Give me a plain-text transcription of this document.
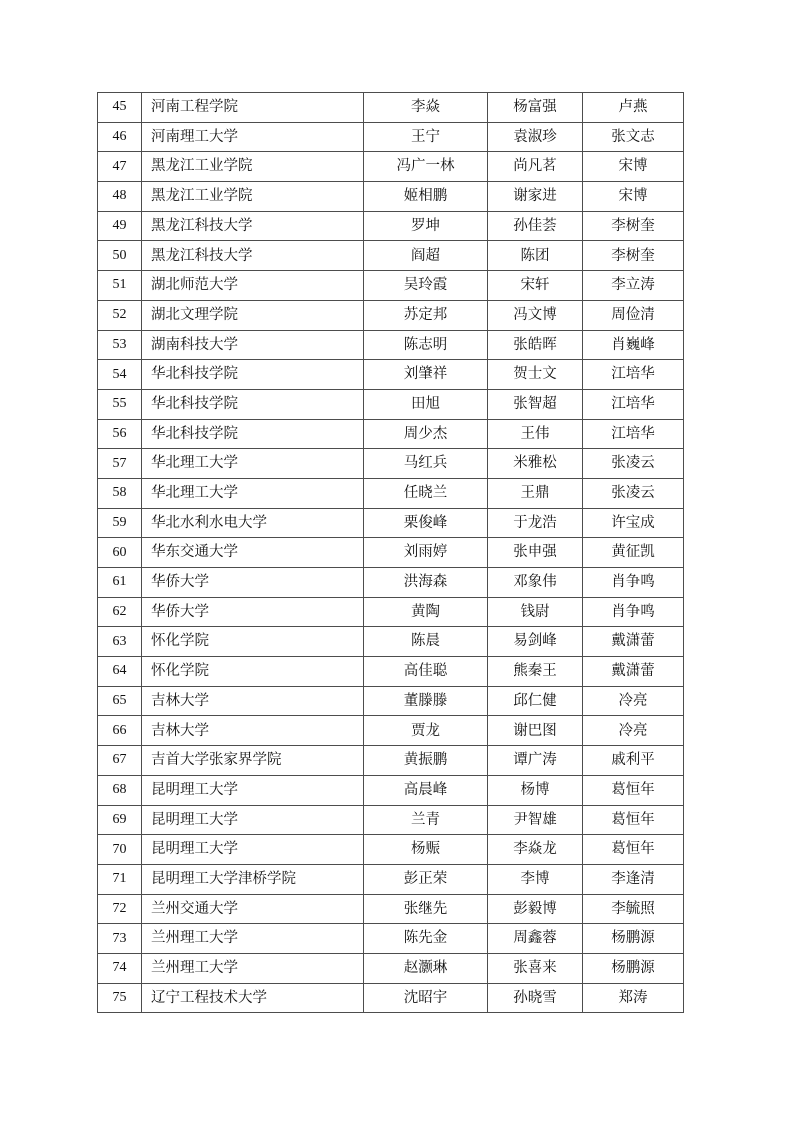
45	河南工程学院	李焱	杨富强	卢燕
46	河南理工大学	王宁	袁淑珍	张文志
47	黑龙江工业学院	冯广一林	尚凡茗	宋博
48	黑龙江工业学院	姬相鹏	谢家进	宋博
49	黑龙江科技大学	罗坤	孙佳荟	李树奎
50	黑龙江科技大学	阎超	陈团	李树奎
51	湖北师范大学	吴玲霞	宋轩	李立涛
52	湖北文理学院	苏定邦	冯文博	周俭清
53	湖南科技大学	陈志明	张皓晖	肖巍峰
54	华北科技学院	刘肇祥	贺士文	江培华
55	华北科技学院	田旭	张智超	江培华
56	华北科技学院	周少杰	王伟	江培华
57	华北理工大学	马红兵	米雅松	张凌云
58	华北理工大学	任晓兰	王鼎	张凌云
59	华北水利水电大学	栗俊峰	于龙浩	许宝成
60	华东交通大学	刘雨婷	张申强	黄征凯
61	华侨大学	洪海森	邓象伟	肖争鸣
62	华侨大学	黄陶	钱尉	肖争鸣
63	怀化学院	陈晨	易剑峰	戴潇蕾
64	怀化学院	高佳聪	熊秦王	戴潇蕾
65	吉林大学	董滕滕	邱仁健	冷亮
66	吉林大学	贾龙	谢巴图	冷亮
67	吉首大学张家界学院	黄振鹏	谭广涛	戚利平
68	昆明理工大学	高晨峰	杨博	葛恒年
69	昆明理工大学	兰青	尹智雄	葛恒年
70	昆明理工大学	杨赈	李焱龙	葛恒年
71	昆明理工大学津桥学院	彭正荣	李博	李逢清
72	兰州交通大学	张继先	彭毅博	李毓照
73	兰州理工大学	陈先金	周鑫蓉	杨鹏源
74	兰州理工大学	赵灏琳	张喜来	杨鹏源
75	辽宁工程技术大学	沈昭宇	孙晓雪	郑涛
